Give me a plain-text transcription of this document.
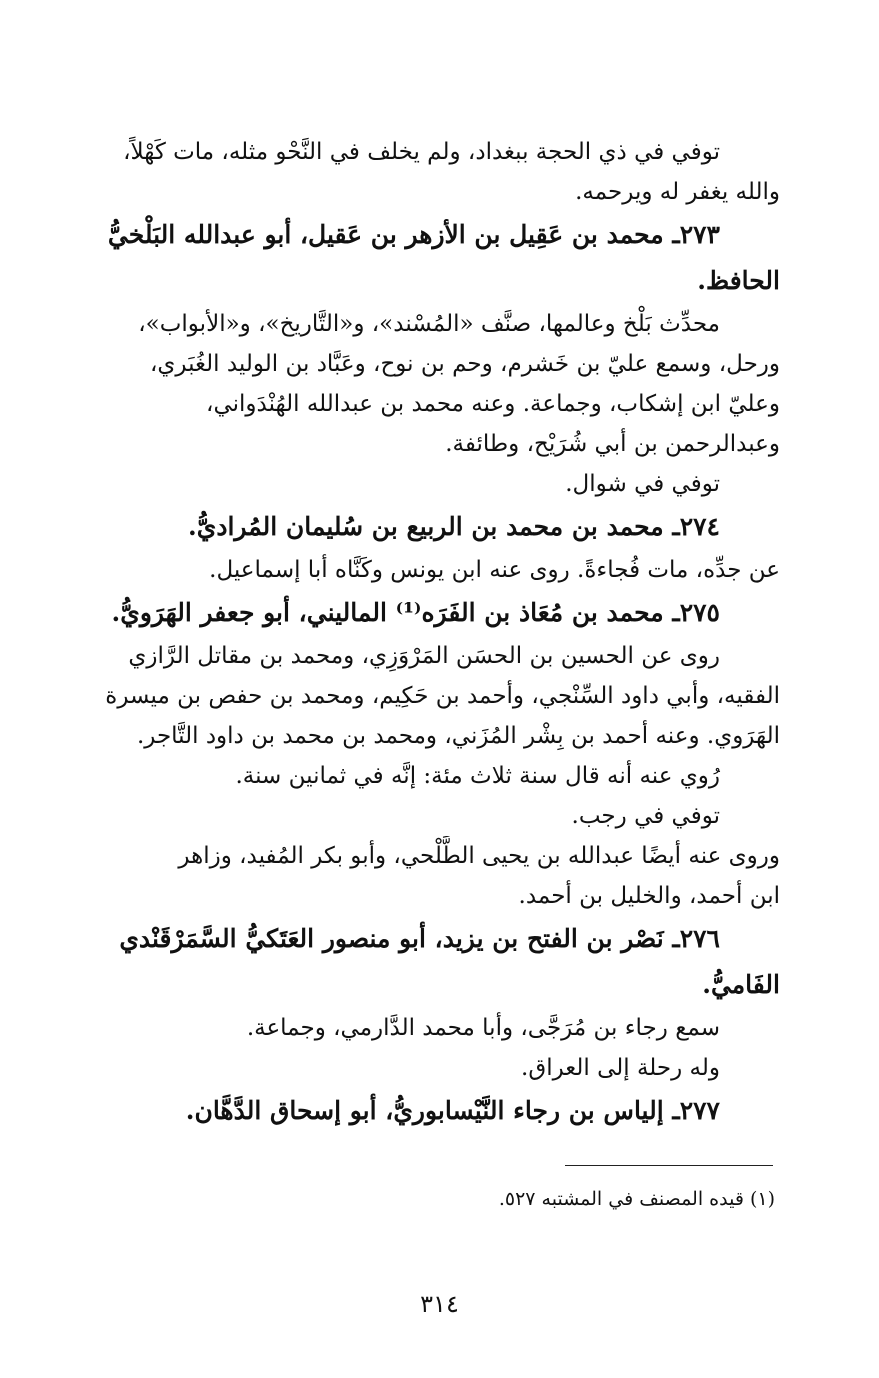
توفي في ذي الحجة ببغداد، ولم يخلف في النَّحْو مثله، مات كَهْلاً،
والله يغفر له ويرحمه.
٢٧٣ـ محمد بن عَقِيل بن الأزهر بن عَقيل، أبو عبدالله البَلْخيُّ
الحافظ.
محدِّث بَلْخ وعالمها، صنَّف «المُسْند»، و«التَّاريخ»، و«الأبواب»،
ورحل، وسمع عليّ بن خَشرم، وحم بن نوح، وعَبَّاد بن الوليد الغُبَري،
وعليّ ابن إشكاب، وجماعة. وعنه محمد بن عبدالله الهُنْدَواني،
وعبدالرحمن بن أبي شُرَيْح، وطائفة.
توفي في شوال.
٢٧٤ـ محمد بن محمد بن الربيع بن سُليمان المُراديُّ.
عن جدِّه، مات فُجاءةً. روى عنه ابن يونس وكَنَّاه أبا إسماعيل.
٢٧٥ـ محمد بن مُعَاذ بن الفَرَه⁽¹⁾ الماليني، أبو جعفر الهَرَويُّ.
روى عن الحسين بن الحسَن المَرْوَزِي، ومحمد بن مقاتل الرَّازي
الفقيه، وأبي داود السِّنْجي، وأحمد بن حَكِيم، ومحمد بن حفص بن ميسرة
الهَرَوي. وعنه أحمد بن بِشْر المُزَني، ومحمد بن محمد بن داود التَّاجر.
رُوي عنه أنه قال سنة ثلاث مئة: إنَّه في ثمانين سنة.
توفي في رجب.
وروى عنه أيضًا عبدالله بن يحيى الطَّلْحي، وأبو بكر المُفيد، وزاهر
ابن أحمد، والخليل بن أحمد.
٢٧٦ـ نَصْر بن الفتح بن يزيد، أبو منصور العَتَكيُّ السَّمَرْقَنْدي
الفَاميُّ.
سمع رجاء بن مُرَجَّى، وأبا محمد الدَّارمي، وجماعة.
وله رحلة إلى العراق.
٢٧٧ـ إلياس بن رجاء النَّيْسابوريُّ، أبو إسحاق الدَّهَّان.
(١) قيده المصنف في المشتبه ٥٢٧.
٣١٤
